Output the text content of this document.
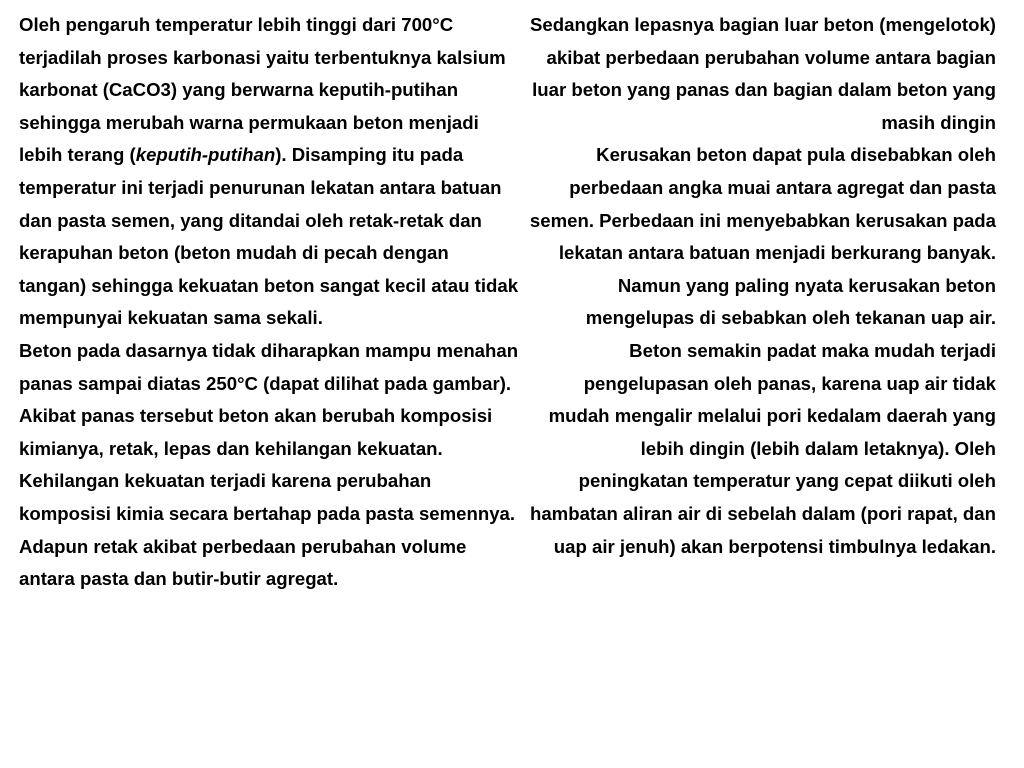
Oleh pengaruh temperatur lebih tinggi dari 700°C terjadilah proses karbonasi yaitu terbentuknya kalsium karbonat (CaCO3) yang berwarna keputih-putihan sehingga merubah warna permukaan beton menjadi lebih terang (keputih-putihan). Disamping itu pada temperatur ini terjadi penurunan lekatan antara batuan dan pasta semen, yang ditandai oleh retak-retak dan kerapuhan beton (beton mudah di pecah dengan tangan) sehingga kekuatan beton sangat kecil atau tidak mempunyai kekuatan sama sekali.

Beton pada dasarnya tidak diharapkan mampu menahan panas sampai diatas 250°C (dapat dilihat pada gambar). Akibat panas tersebut beton akan berubah komposisi kimianya, retak, lepas dan kehilangan kekuatan. Kehilangan kekuatan terjadi karena perubahan komposisi kimia secara bertahap pada pasta semennya. Adapun retak akibat perbedaan perubahan volume antara pasta dan butir-butir agregat.

Sedangkan lepasnya bagian luar beton (mengelotok) akibat perbedaan perubahan volume antara bagian luar beton yang panas dan bagian dalam beton yang masih dingin

Kerusakan beton dapat pula disebabkan oleh perbedaan angka muai antara agregat dan pasta semen. Perbedaan ini menyebabkan kerusakan pada lekatan antara batuan menjadi berkurang banyak. Namun yang paling nyata kerusakan beton mengelupas di sebabkan oleh tekanan uap air. Beton semakin padat maka mudah terjadi pengelupasan oleh panas, karena uap air tidak mudah mengalir melalui pori kedalam daerah yang lebih dingin (lebih dalam letaknya). Oleh peningkatan temperatur yang cepat diikuti oleh hambatan aliran air di sebelah dalam (pori rapat, dan uap air jenuh) akan berpotensi timbulnya ledakan.
